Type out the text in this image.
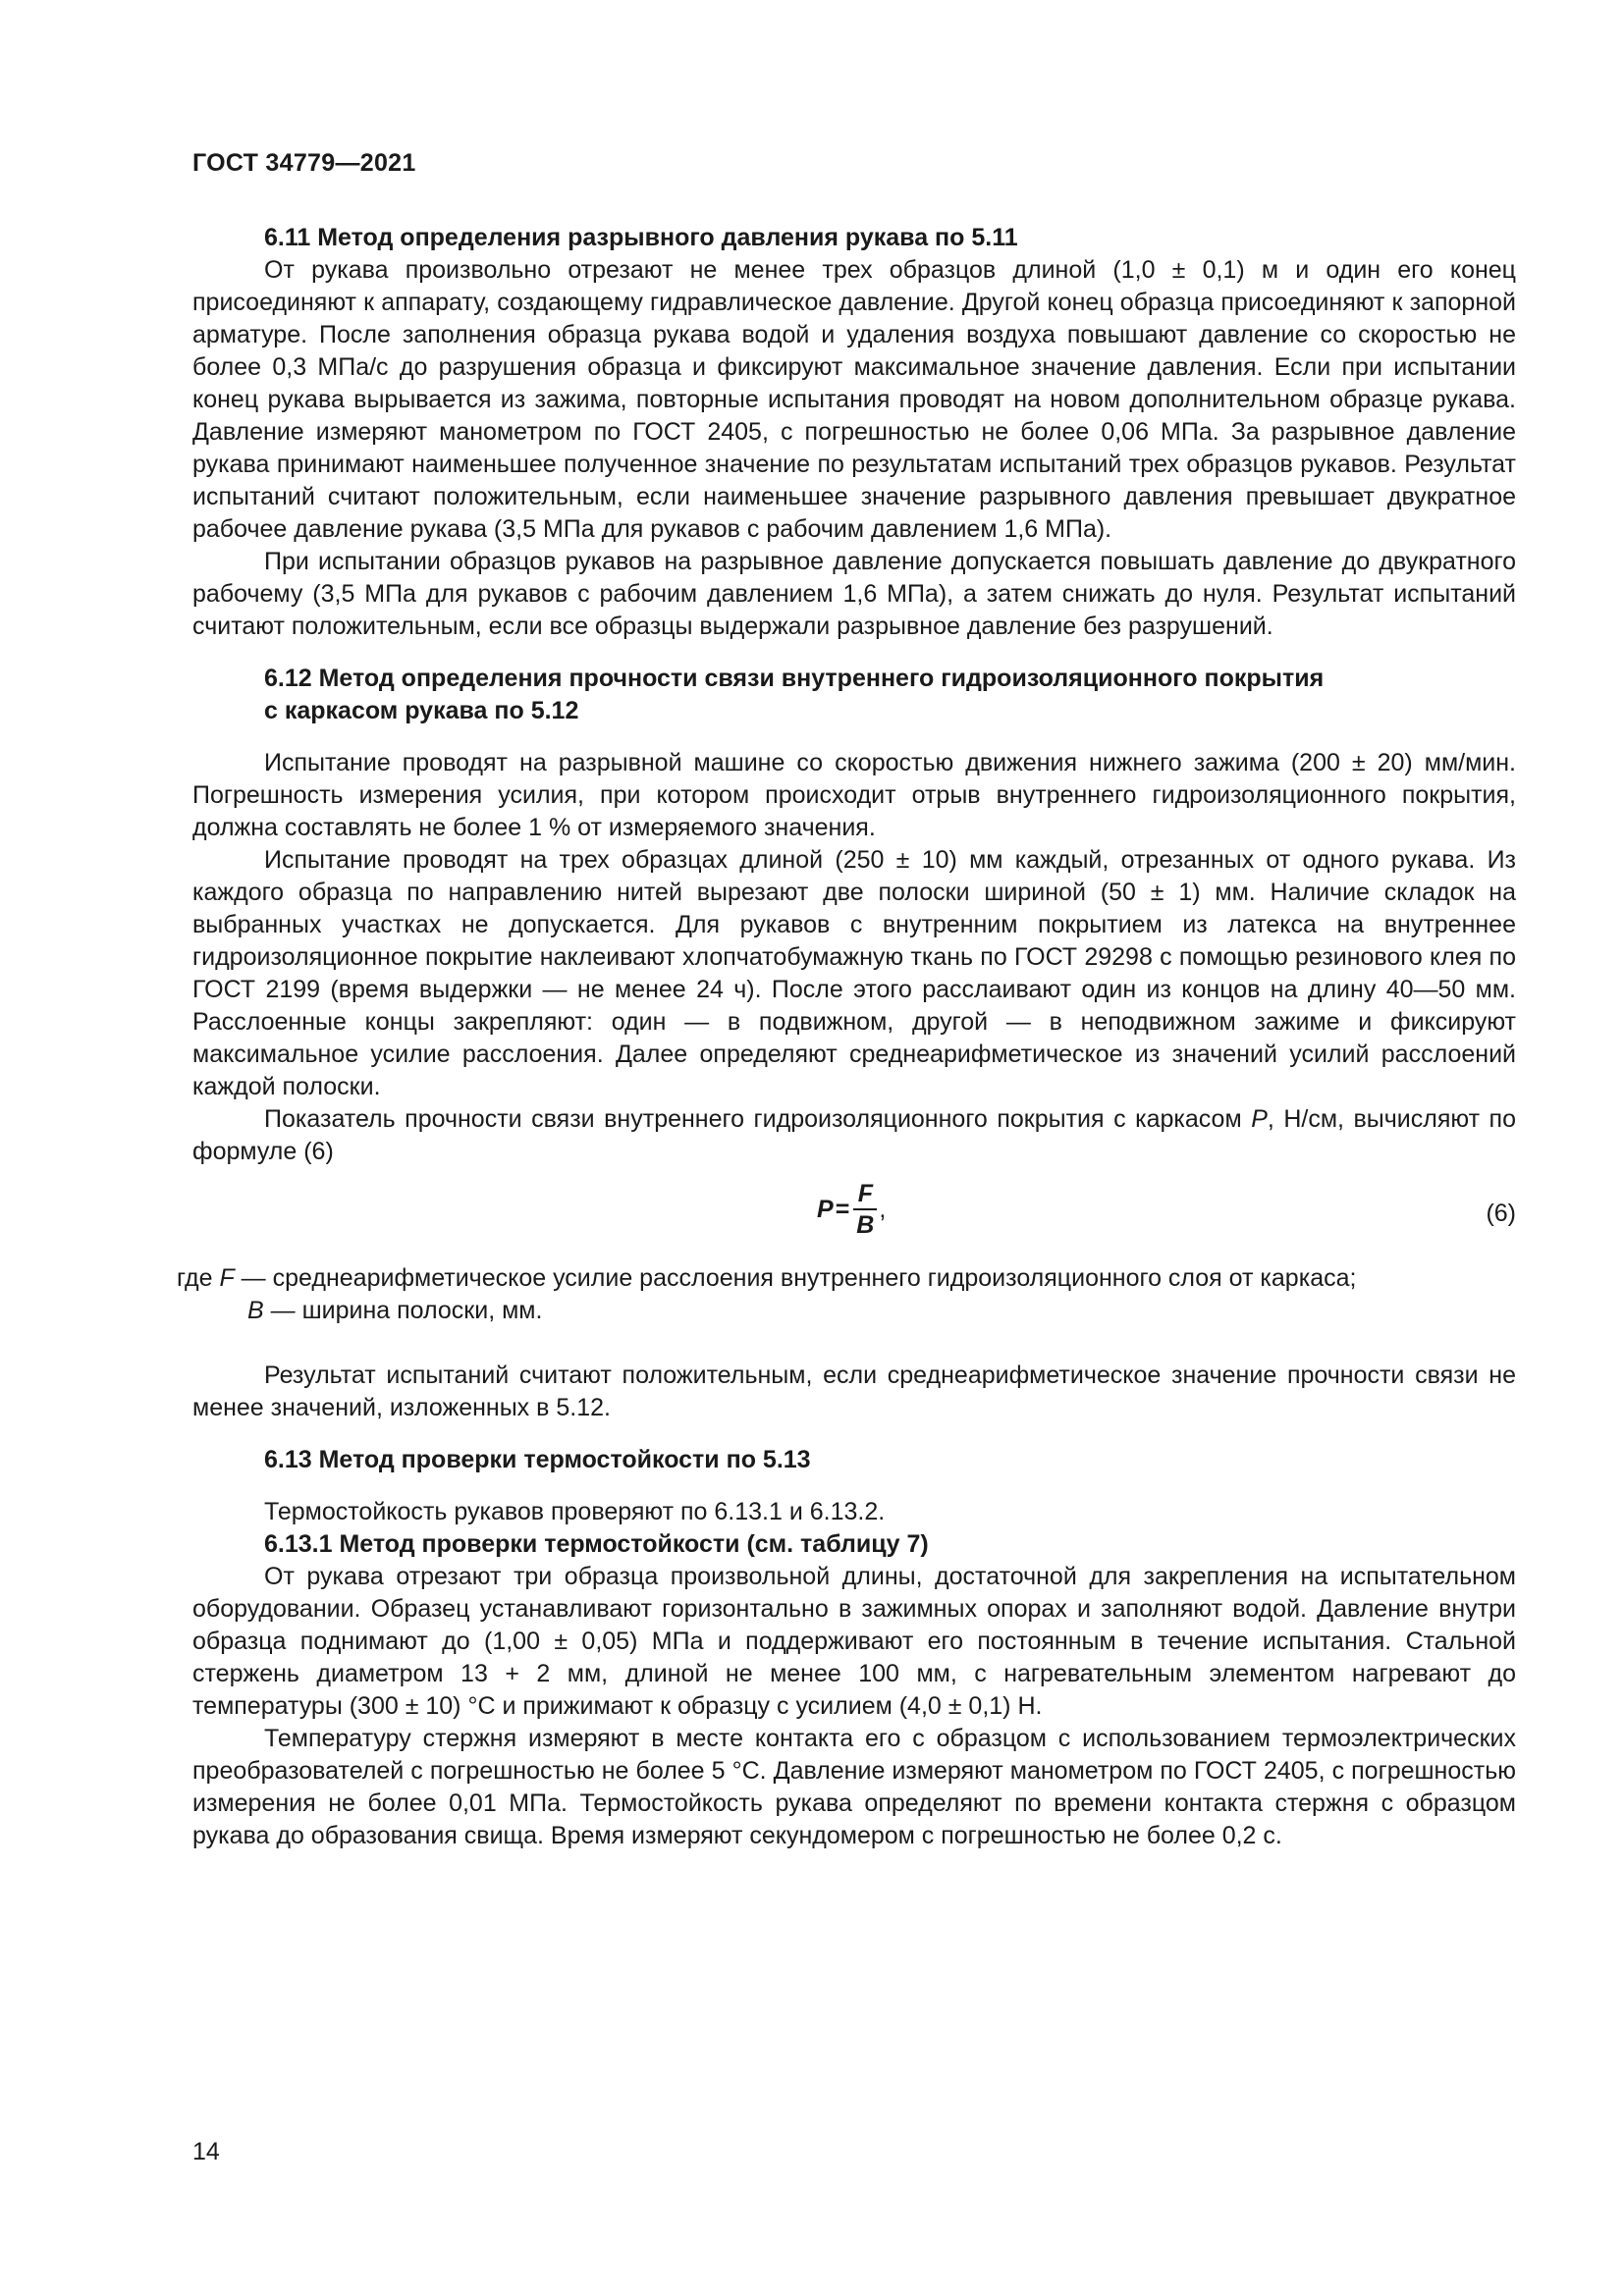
ГОСТ 34779—2021
6.11 Метод определения разрывного давления рукава по 5.11

От рукава произвольно отрезают не менее трех образцов длиной (1,0 ± 0,1) м и один его конец присоединяют к аппарату, создающему гидравлическое давление. Другой конец образца присоединяют к запорной арматуре. После заполнения образца рукава водой и удаления воздуха повышают давление со скоростью не более 0,3 МПа/с до разрушения образца и фиксируют максимальное значение давления. Если при испытании конец рукава вырывается из зажима, повторные испытания проводят на новом дополнительном образце рукава. Давление измеряют манометром по ГОСТ 2405, с погрешностью не более 0,06 МПа. За разрывное давление рукава принимают наименьшее полученное значение по результатам испытаний трех образцов рукавов. Результат испытаний считают положительным, если наименьшее значение разрывного давления превышает двукратное рабочее давление рукава (3,5 МПа для рукавов с рабочим давлением 1,6 МПа).

При испытании образцов рукавов на разрывное давление допускается повышать давление до двукратного рабочему (3,5 МПа для рукавов с рабочим давлением 1,6 МПа), а затем снижать до нуля. Результат испытаний считают положительным, если все образцы выдержали разрывное давление без разрушений.

6.12 Метод определения прочности связи внутреннего гидроизоляционного покрытия
с каркасом рукава по 5.12

Испытание проводят на разрывной машине со скоростью движения нижнего зажима (200 ± 20) мм/мин. Погрешность измерения усилия, при котором происходит отрыв внутреннего гидроизоляционного покрытия, должна составлять не более 1 % от измеряемого значения.

Испытание проводят на трех образцах длиной (250 ± 10) мм каждый, отрезанных от одного рукава. Из каждого образца по направлению нитей вырезают две полоски шириной (50 ± 1) мм. Наличие складок на выбранных участках не допускается. Для рукавов с внутренним покрытием из латекса на внутреннее гидроизоляционное покрытие наклеивают хлопчатобумажную ткань по ГОСТ 29298 с помощью резинового клея по ГОСТ 2199 (время выдержки — не менее 24 ч). После этого расслаивают один из концов на длину 40—50 мм. Расслоенные концы закрепляют: один — в подвижном, другой — в неподвижном зажиме и фиксируют максимальное усилие расслоения. Далее определяют среднеарифметическое из значений усилий расслоений каждой полоски.

Показатель прочности связи внутреннего гидроизоляционного покрытия с каркасом P, Н/см, вычисляют по формуле (6)

$P = \frac{F}{B}$ ,	(6)

где F — среднеарифметическое усилие расслоения внутреннего гидроизоляционного слоя от каркаса;

B — ширина полоски, мм.

Результат испытаний считают положительным, если среднеарифметическое значение прочности связи не менее значений, изложенных в 5.12.

6.13 Метод проверки термостойкости по 5.13

Термостойкость рукавов проверяют по 6.13.1 и 6.13.2.

6.13.1 Метод проверки термостойкости (см. таблицу 7)

От рукава отрезают три образца произвольной длины, достаточной для закрепления на испытательном оборудовании. Образец устанавливают горизонтально в зажимных опорах и заполняют водой. Давление внутри образца поднимают до (1,00 ± 0,05) МПа и поддерживают его постоянным в течение испытания. Стальной стержень диаметром 13 + 2 мм, длиной не менее 100 мм, с нагревательным элементом нагревают до температуры (300 ± 10) °С и прижимают к образцу с усилием (4,0 ± 0,1) Н.

Температуру стержня измеряют в месте контакта его с образцом с использованием термоэлектрических преобразователей с погрешностью не более 5 °С. Давление измеряют манометром по ГОСТ 2405, с погрешностью измерения не более 0,01 МПа. Термостойкость рукава определяют по времени контакта стержня с образцом рукава до образования свища. Время измеряют секундомером с погрешностью не более 0,2 с.

14
